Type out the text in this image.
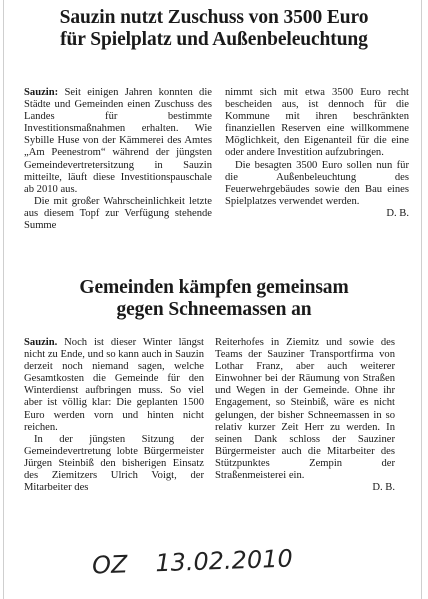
Sauzin nutzt Zuschuss von 3500 Euro
für Spielplatz und Außenbeleuchtung

Sauzin: Seit einigen Jahren konnten die Städte und Gemeinden einen Zuschuss des Landes für bestimmte Investitionsmaßnahmen erhalten. Wie Sybille Huse von der Kämmerei des Amtes „Am Peenestrom“ während der jüngsten Gemeindevertretersitzung in Sauzin mitteilte, läuft diese Investitionspauschale ab 2010 aus.

Die mit großer Wahrscheinlichkeit letzte aus diesem Topf zur Verfügung stehende Summe

nimmt sich mit etwa 3500 Euro recht bescheiden aus, ist dennoch für die Kommune mit ihren beschränkten finanziellen Reserven eine willkommene Möglichkeit, den Eigenanteil für die eine oder andere Investition aufzubringen.

Die besagten 3500 Euro sollen nun für die Außenbeleuchtung des Feuerwehrgebäudes sowie den Bau eines Spielplatzes verwendet werden.

D. B.
Gemeinden kämpfen gemeinsam
gegen Schneemassen an

Sauzin. Noch ist dieser Winter längst nicht zu Ende, und so kann auch in Sauzin derzeit noch niemand sagen, welche Gesamtkosten die Gemeinde für den Winterdienst aufbringen muss. So viel aber ist völlig klar: Die geplanten 1500 Euro werden vorn und hinten nicht reichen.

In der jüngsten Sitzung der Gemeindevertretung lobte Bürgermeister Jürgen Steinbiß den bisherigen Einsatz des Ziemitzers Ulrich Voigt, der Mitarbeiter des

Reiterhofes in Ziemitz und sowie des Teams der Sauziner Transportfirma von Lothar Franz, aber auch weiterer Einwohner bei der Räumung von Straßen und Wegen in der Gemeinde. Ohne ihr Engagement, so Steinbiß, wäre es nicht gelungen, der bisher Schneemassen in so relativ kurzer Zeit Herr zu werden. In seinen Dank schloss der Sauziner Bürgermeister auch die Mitarbeiter des Stützpunktes Zempin der Straßenmeisterei ein.

D. B.
OZ 13.02.2010
